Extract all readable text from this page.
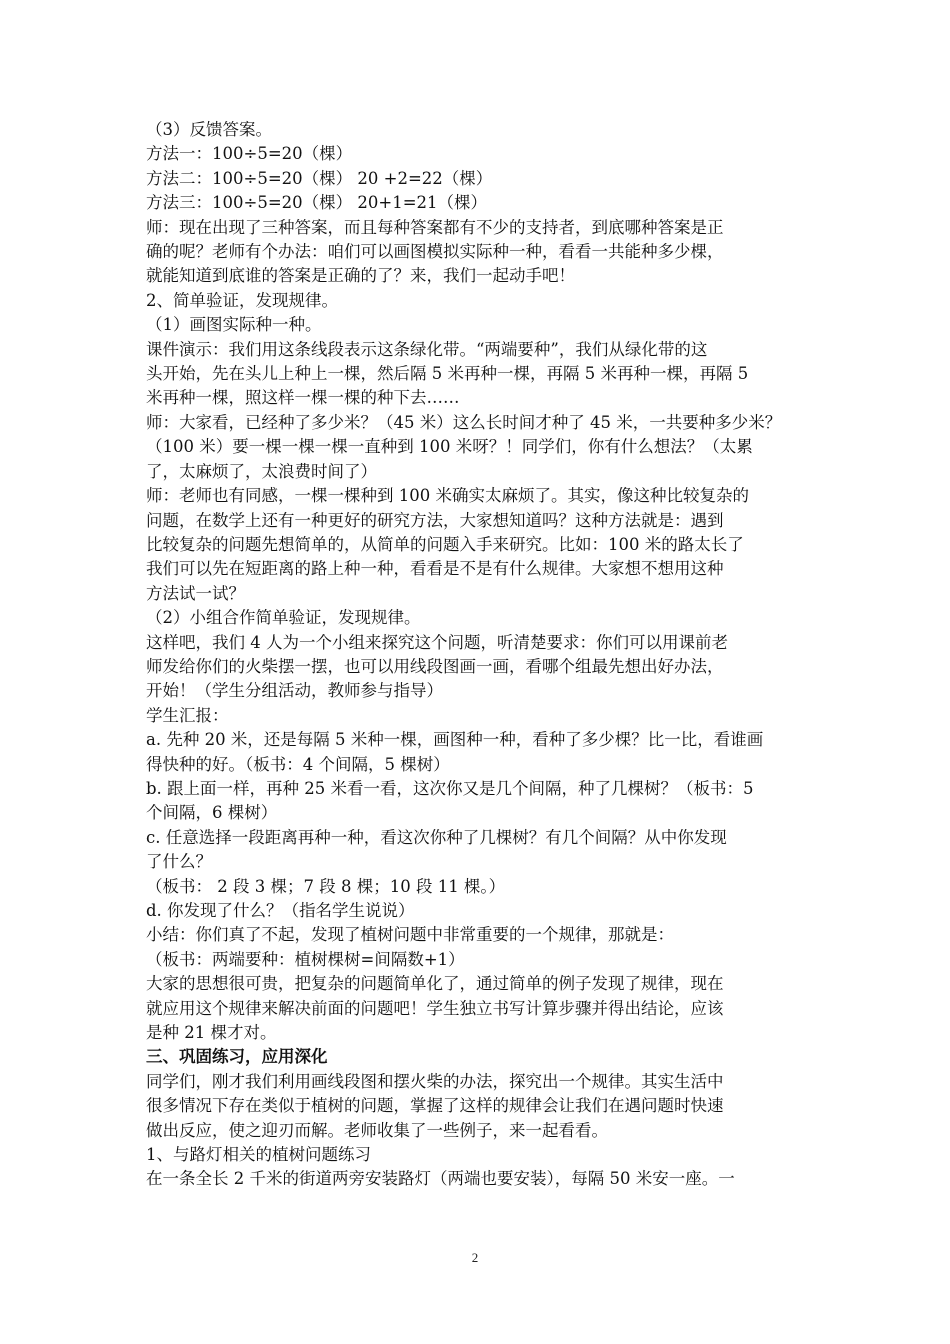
（3）反馈答案。

方法一：100÷5=20（棵）

方法二：100÷5=20（棵） 20 +2=22（棵）

方法三：100÷5=20（棵） 20+1=21（棵）

师：现在出现了三种答案，而且每种答案都有不少的支持者，到底哪种答案是正

确的呢？老师有个办法：咱们可以画图模拟实际种一种，看看一共能种多少棵，

就能知道到底谁的答案是正确的了？来，我们一起动手吧！

2、简单验证，发现规律。

（1）画图实际种一种。

课件演示：我们用这条线段表示这条绿化带。“两端要种”，我们从绿化带的这

头开始，先在头儿上种上一棵，然后隔 5 米再种一棵，再隔 5 米再种一棵，再隔 5

米再种一棵，照这样一棵一棵的种下去……

师：大家看，已经种了多少米？（45 米）这么长时间才种了 45 米，一共要种多少米？

（100 米）要一棵一棵一棵一直种到 100 米呀？！同学们，你有什么想法？（太累

了，太麻烦了，太浪费时间了）

师：老师也有同感，一棵一棵种到 100 米确实太麻烦了。其实，像这种比较复杂的

问题，在数学上还有一种更好的研究方法，大家想知道吗？这种方法就是：遇到

比较复杂的问题先想简单的，从简单的问题入手来研究。比如：100 米的路太长了

我们可以先在短距离的路上种一种，看看是不是有什么规律。大家想不想用这种

方法试一试？

（2）小组合作简单验证，发现规律。

这样吧，我们 4 人为一个小组来探究这个问题，听清楚要求：你们可以用课前老

师发给你们的火柴摆一摆，也可以用线段图画一画，看哪个组最先想出好办法，

开始！（学生分组活动，教师参与指导）

学生汇报：

a. 先种 20 米，还是每隔 5 米种一棵，画图种一种，看种了多少棵？比一比，看谁画

得快种的好。（板书：4 个间隔，5 棵树）

b. 跟上面一样，再种 25 米看一看，这次你又是几个间隔，种了几棵树？（板书：5

个间隔，6 棵树）

c. 任意选择一段距离再种一种，看这次你种了几棵树？有几个间隔？从中你发现

了什么？

（板书： 2 段 3 棵；7 段 8 棵；10 段 11 棵。）

d. 你发现了什么？（指名学生说说）

小结：你们真了不起，发现了植树问题中非常重要的一个规律，那就是：

（板书：两端要种：植树棵树=间隔数+1）

大家的思想很可贵，把复杂的问题简单化了，通过简单的例子发现了规律，现在

就应用这个规律来解决前面的问题吧！学生独立书写计算步骤并得出结论，应该

是种 21 棵才对。

三、巩固练习，应用深化

同学们，刚才我们利用画线段图和摆火柴的办法，探究出一个规律。其实生活中

很多情况下存在类似于植树的问题，掌握了这样的规律会让我们在遇问题时快速

做出反应，使之迎刃而解。老师收集了一些例子，来一起看看。

1、与路灯相关的植树问题练习

在一条全长 2 千米的街道两旁安装路灯（两端也要安装），每隔 50 米安一座。一

2
